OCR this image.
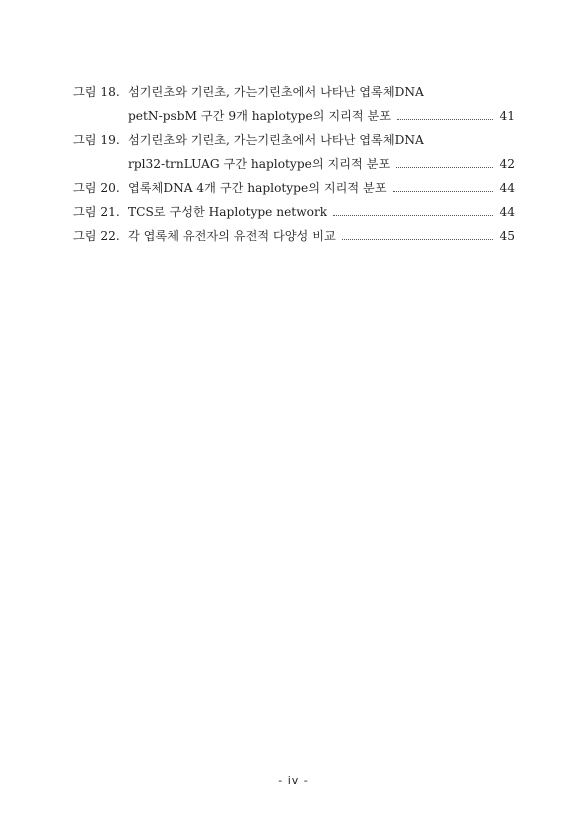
그림 18. 섬기린초와 기린초, 가는기린초에서 나타난 엽록체DNA
petN-psbM 구간 9개 haplotype의 지리적 분포	41
그림 19. 섬기린초와 기린초, 가는기린초에서 나타난 엽록체DNA
rpl32-trnLUAG 구간 haplotype의 지리적 분포	42
그림 20. 엽록체DNA 4개 구간 haplotype의 지리적 분포	44
그림 21. TCS로 구성한 Haplotype network	44
그림 22. 각 엽록체 유전자의 유전적 다양성 비교	45
- iv -
